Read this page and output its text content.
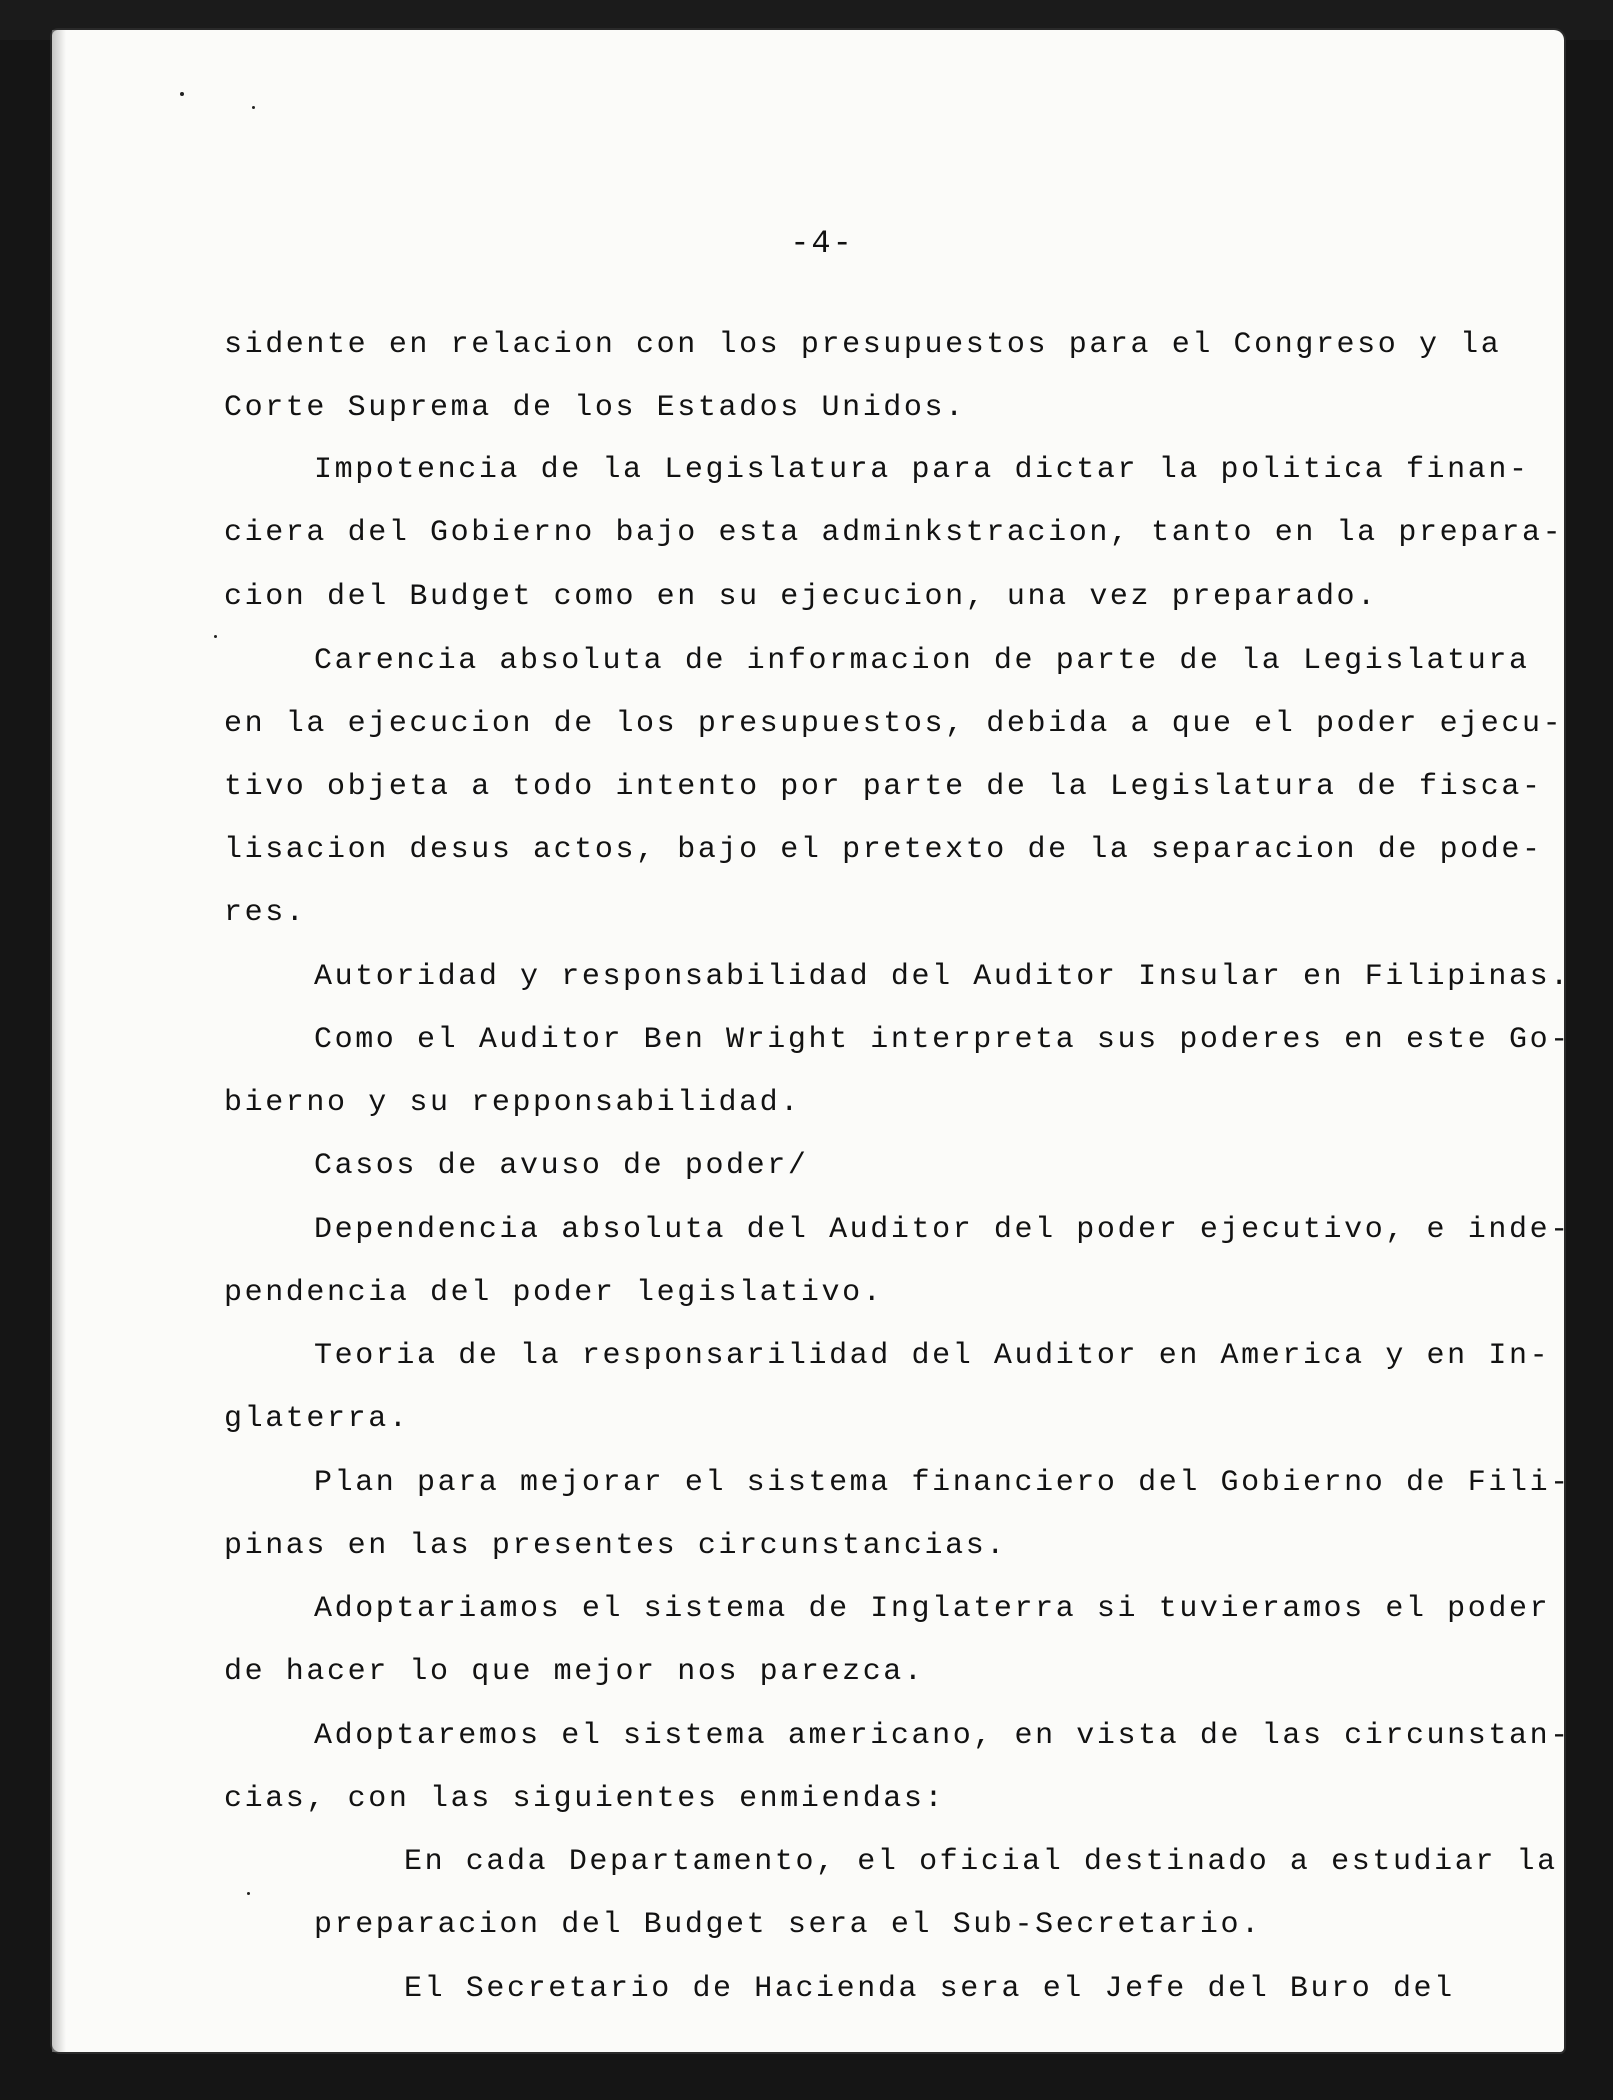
-4-
sidente en relacion con los presupuestos para el Congreso y la
Corte Suprema de los Estados Unidos.
Impotencia de la Legislatura para dictar la politica finan-
ciera del Gobierno bajo esta adminkstracion, tanto en la prepara-
cion del Budget como en su ejecucion, una vez preparado.
Carencia absoluta de informacion de parte de la Legislatura
en la ejecucion de los presupuestos, debida a que el poder ejecu-
tivo objeta a todo intento por parte de la Legislatura de fisca-
lisacion desus actos, bajo el pretexto de la separacion de pode-
res.
Autoridad y responsabilidad del Auditor Insular en Filipinas.
Como el Auditor Ben Wright interpreta sus poderes en este Go-
bierno y su repponsabilidad.
Casos de avuso de poder/
Dependencia absoluta del Auditor del poder ejecutivo, e inde-
pendencia del poder legislativo.
Teoria de la responsarilidad del Auditor en America y en In-
glaterra.
Plan para mejorar el sistema financiero del Gobierno de Fili-
pinas en las presentes circunstancias.
Adoptariamos el sistema de Inglaterra si tuvieramos el poder
de hacer lo que mejor nos parezca.
Adoptaremos el sistema americano, en vista de las circunstan-
cias, con las siguientes enmiendas:
En cada Departamento, el oficial destinado a estudiar la
preparacion del Budget sera el Sub-Secretario.
El Secretario de Hacienda sera el Jefe del Buro del
